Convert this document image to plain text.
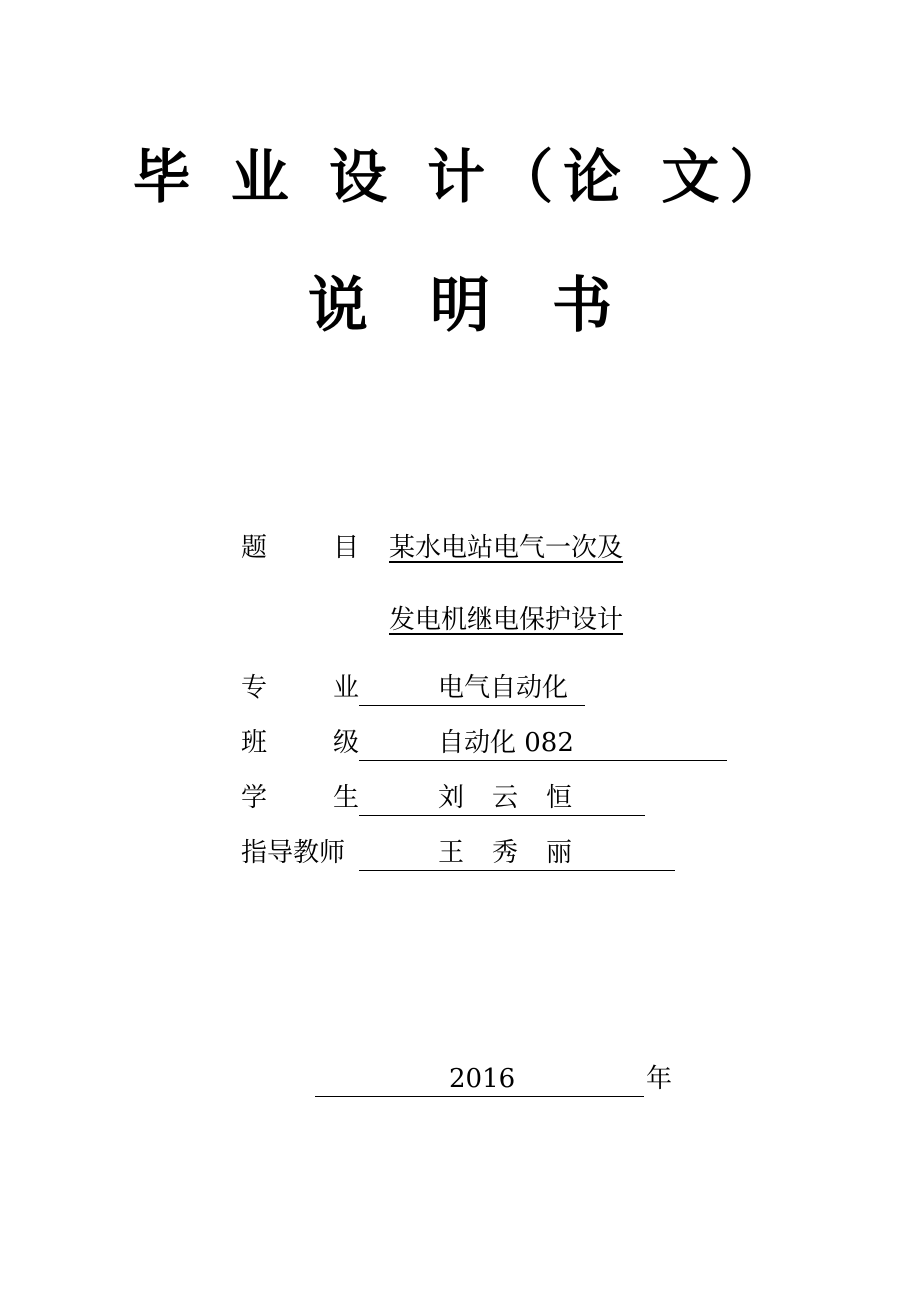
毕 业 设 计（论 文）
说明书
题	目 某水电站电气一次及
发电机继电保护设计
专	业	电气自动化
班	级	自动化 082
学	生	刘云恒
指导教师	王秀丽
2016	年
